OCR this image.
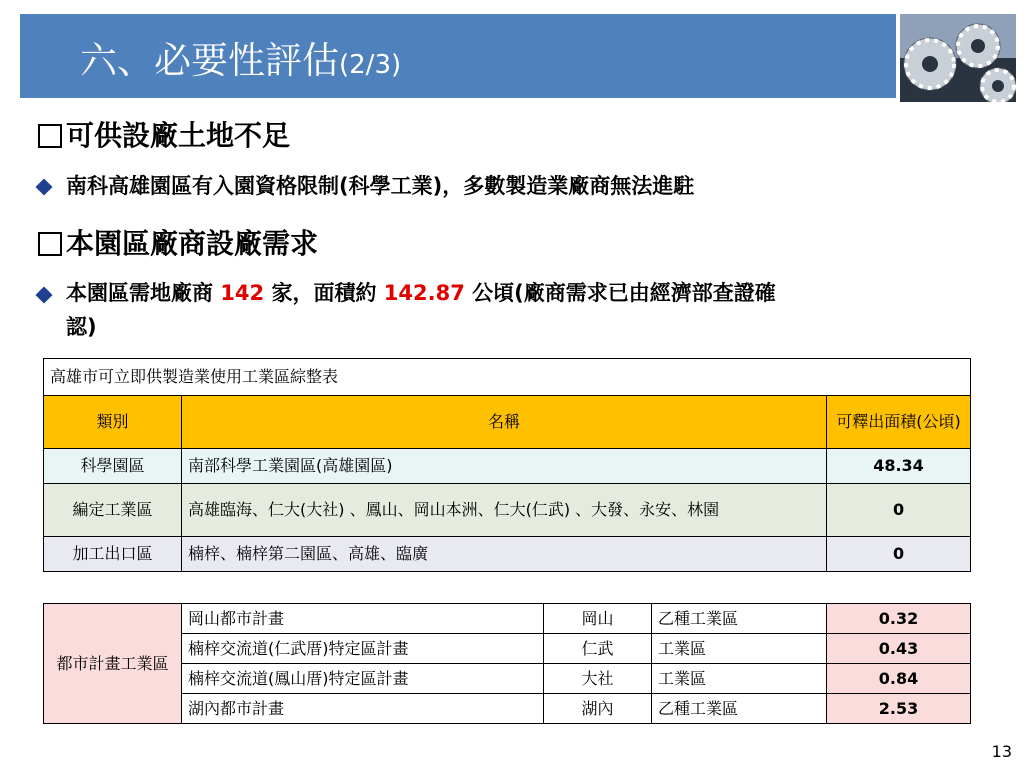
六、必要性評估(2/3)
可供設廠土地不足
南科高雄園區有入園資格限制(科學工業)，多數製造業廠商無法進駐
本園區廠商設廠需求
本園區需地廠商 142 家，面積約 142.87 公頃(廠商需求已由經濟部查證確
認)
高雄市可立即供製造業使用工業區綜整表		
類別	名稱	可釋出面積(公頃)
科學園區	南部科學工業園區(高雄園區)	48.34
編定工業區	高雄臨海、仁大(大社) 、鳳山、岡山本洲、仁大(仁武) 、大發、永安、林園	0
加工出口區	楠梓、楠梓第二園區、高雄、臨廣	0
都市計畫工業區	岡山都市計畫	岡山	乙種工業區	0.32
	楠梓交流道(仁武厝)特定區計畫	仁武	工業區	0.43
	楠梓交流道(鳳山厝)特定區計畫	大社	工業區	0.84
	湖內都市計畫	湖內	乙種工業區	2.53
13
